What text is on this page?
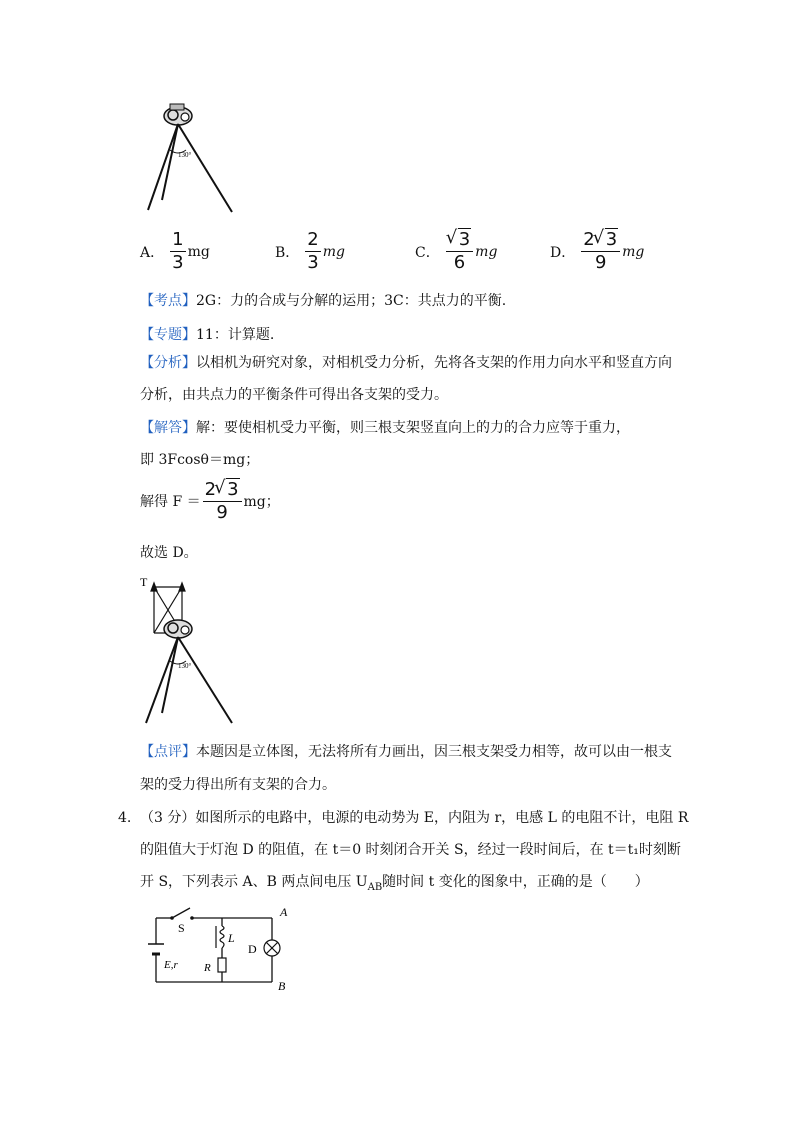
130°
A． $\frac{1}{3}$ mg	B． $\frac{2}{3}$ mg	C． √ $\frac{3}{6}$ mg	D． $\frac{2 √ 3}{9}$ mg
【考点】2G：力的合成与分解的运用；3C：共点力的平衡.
【专题】11：计算题.
【分析】以相机为研究对象，对相机受力分析，先将各支架的作用力向水平和竖直方向
分析，由共点力的平衡条件可得出各支架的受力。
【解答】解：要使相机受力平衡，则三根支架竖直向上的力的合力应等于重力，
即 3Fcosθ＝mg；
解得 $F = \frac{2 √ 3}{9}$ mg；
故选 D。
T
130°
【点评】本题因是立体图，无法将所有力画出，因三根支架受力相等，故可以由一根支
架的受力得出所有支架的合力。
4. （3 分）如图所示的电路中，电源的电动势为 E，内阻为 r，电感 L 的电阻不计，电阻 R
的阻值大于灯泡 D 的阻值，在 t＝0 时刻闭合开关 S，经过一段时间后，在 t＝t₁时刻断
开 S，下列表示 A、B 两点间电压 $U_{AB}$随时间 t 变化的图象中，正确的是（　　）
S
L
D
R
E,r
A
B
